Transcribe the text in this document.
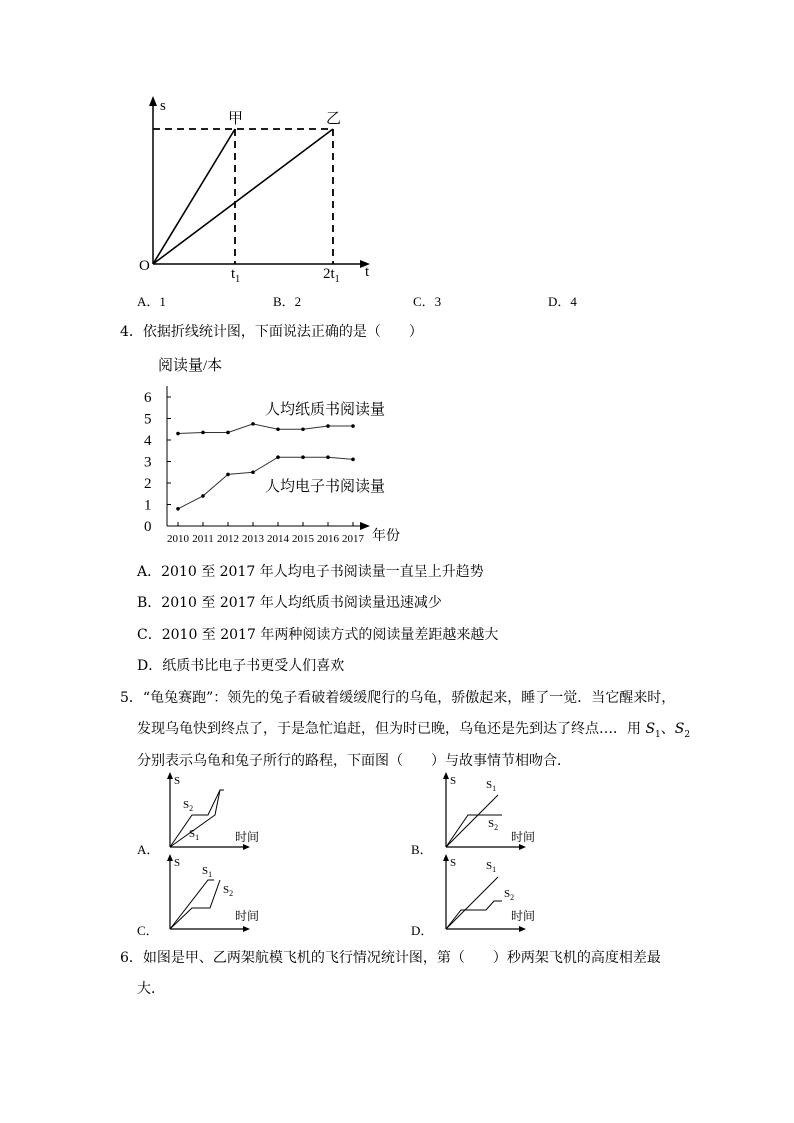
s
甲	乙
O	$t_1$	$2t_1$ t
A．1	B．2	C．3	D．4
4．依据折线统计图，下面说法正确的是（　　）
阅读量/本
0
1
2
3
4
5
6
2010 2011 2012 2013 2014 2015 2016 2017 年份
人均纸质书阅读量
人均电子书阅读量
A．2010 至 2017 年人均电子书阅读量一直呈上升趋势
B．2010 至 2017 年人均纸质书阅读量迅速减少
C．2010 至 2017 年两种阅读方式的阅读量差距越来越大
D．纸质书比电子书更受人们喜欢
5．“龟兔赛跑”：领先的兔子看破着缓缓爬行的乌龟，骄傲起来，睡了一觉．当它醒来时，
发现乌龟快到终点了，于是急忙追赶，但为时已晚，乌龟还是先到达了终点…．用 $S_1$、$S_2$
分别表示乌龟和兔子所行的路程，下面图（　　）与故事情节相吻合．
S
$S_2$
$S_1$	时间
A．
S	$S_1$
$S_2$
时间
B．
S
$S_1$
$S_2$
时间
C．
S	$S_1$
$S_2$
时间
D．
6．如图是甲、乙两架航模飞机的飞行情况统计图，第（　　）秒两架飞机的高度相差最
大．
